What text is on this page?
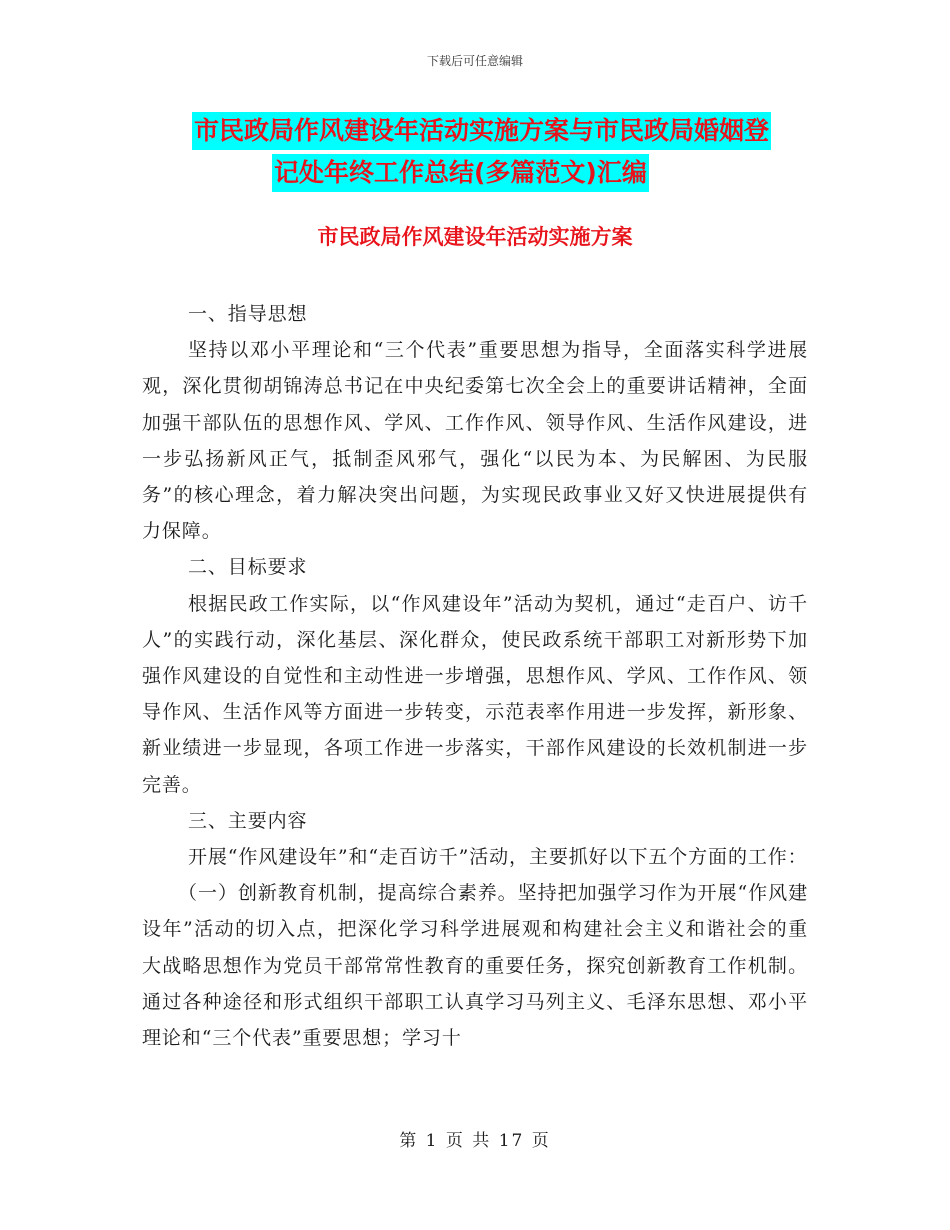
下载后可任意编辑
市民政局作风建设年活动实施方案与市民政局婚姻登
记处年终工作总结(多篇范文)汇编
市民政局作风建设年活动实施方案

一、指导思想

坚持以邓小平理论和“三个代表”重要思想为指导，全面落实科学进展观，深化贯彻胡锦涛总书记在中央纪委第七次全会上的重要讲话精神，全面加强干部队伍的思想作风、学风、工作作风、领导作风、生活作风建设，进一步弘扬新风正气，抵制歪风邪气，强化“以民为本、为民解困、为民服务”的核心理念，着力解决突出问题，为实现民政事业又好又快进展提供有力保障。

二、目标要求

根据民政工作实际，以“作风建设年”活动为契机，通过“走百户、访千人”的实践行动，深化基层、深化群众，使民政系统干部职工对新形势下加强作风建设的自觉性和主动性进一步增强，思想作风、学风、工作作风、领导作风、生活作风等方面进一步转变，示范表率作用进一步发挥，新形象、新业绩进一步显现，各项工作进一步落实，干部作风建设的长效机制进一步完善。

三、主要内容

开展“作风建设年”和“走百访千”活动，主要抓好以下五个方面的工作：

（一）创新教育机制，提高综合素养。坚持把加强学习作为开展“作风建设年”活动的切入点，把深化学习科学进展观和构建社会主义和谐社会的重大战略思想作为党员干部常常性教育的重要任务，探究创新教育工作机制。通过各种途径和形式组织干部职工认真学习马列主义、毛泽东思想、邓小平理论和“三个代表”重要思想；学习十

第 1 页 共 17 页
